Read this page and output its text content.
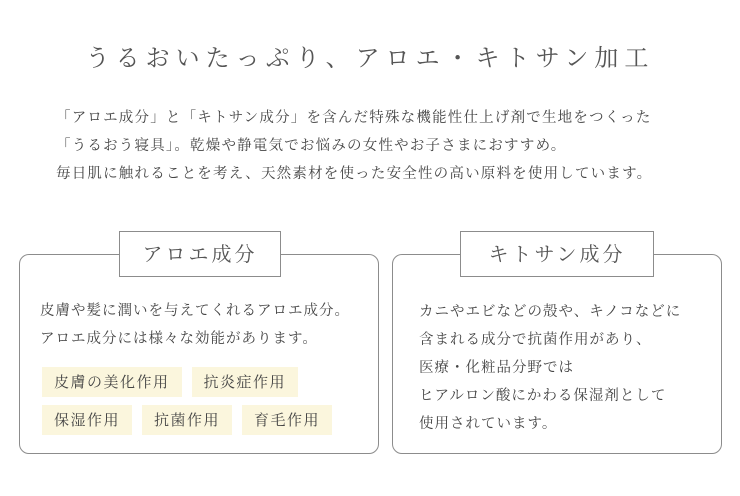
うるおいたっぷり、アロエ・キトサン加工

「アロエ成分」と「キトサン成分」を含んだ特殊な機能性仕上げ剤で生地をつくった

「うるおう寝具」。乾燥や静電気でお悩みの女性やお子さまにおすすめ。

毎日肌に触れることを考え、天然素材を使った安全性の高い原料を使用しています。

アロエ成分

皮膚や髪に潤いを与えてくれるアロエ成分。

アロエ成分には様々な効能があります。

皮膚の美化作用	抗炎症作用
保湿作用	抗菌作用	育毛作用
キトサン成分

カニやエビなどの殻や、キノコなどに

含まれる成分で抗菌作用があり、

医療・化粧品分野では

ヒアルロン酸にかわる保湿剤として

使用されています。
